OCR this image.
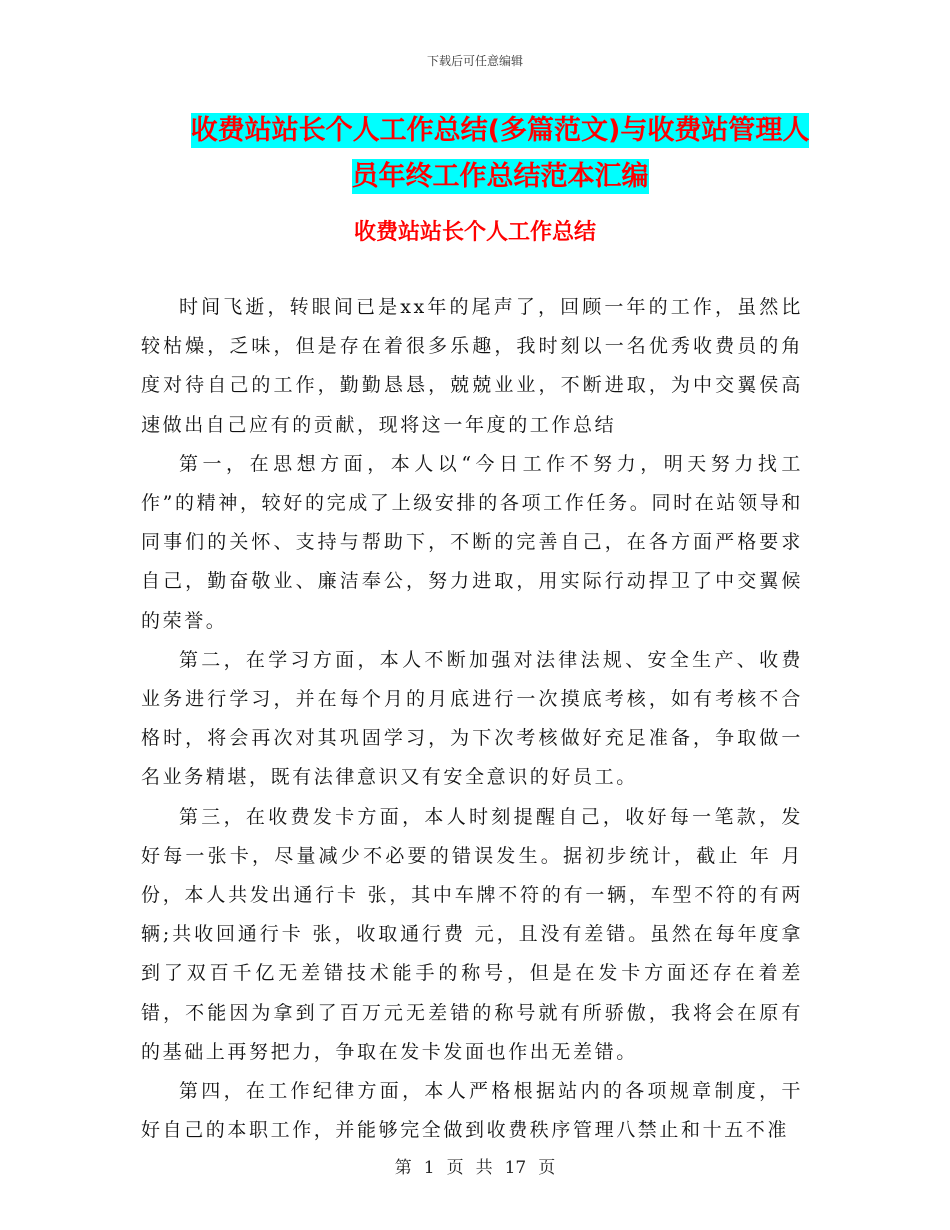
下载后可任意编辑
收费站站长个人工作总结(多篇范文)与收费站管理人员年终工作总结范本汇编
收费站站长个人工作总结

时间飞逝，转眼间已是xx年的尾声了，回顾一年的工作，虽然比较枯燥，乏味，但是存在着很多乐趣，我时刻以一名优秀收费员的角度对待自己的工作，勤勤恳恳，兢兢业业，不断进取，为中交翼侯高速做出自己应有的贡献，现将这一年度的工作总结

第一，在思想方面，本人以“今日工作不努力，明天努力找工作”的精神，较好的完成了上级安排的各项工作任务。同时在站领导和同事们的关怀、支持与帮助下，不断的完善自己，在各方面严格要求自己，勤奋敬业、廉洁奉公，努力进取，用实际行动捍卫了中交翼候的荣誉。

第二，在学习方面，本人不断加强对法律法规、安全生产、收费业务进行学习，并在每个月的月底进行一次摸底考核，如有考核不合格时，将会再次对其巩固学习，为下次考核做好充足准备，争取做一名业务精堪，既有法律意识又有安全意识的好员工。

第三，在收费发卡方面，本人时刻提醒自己，收好每一笔款，发好每一张卡，尽量减少不必要的错误发生。据初步统计，截止 年 月份，本人共发出通行卡 张，其中车牌不符的有一辆，车型不符的有两辆;共收回通行卡 张，收取通行费 元，且没有差错。虽然在每年度拿到了双百千亿无差错技术能手的称号，但是在发卡方面还存在着差错，不能因为拿到了百万元无差错的称号就有所骄傲，我将会在原有的基础上再努把力，争取在发卡发面也作出无差错。

第四，在工作纪律方面，本人严格根据站内的各项规章制度，干好自己的本职工作，并能够完全做到收费秩序管理八禁止和十五不准

第 1 页 共 17 页
